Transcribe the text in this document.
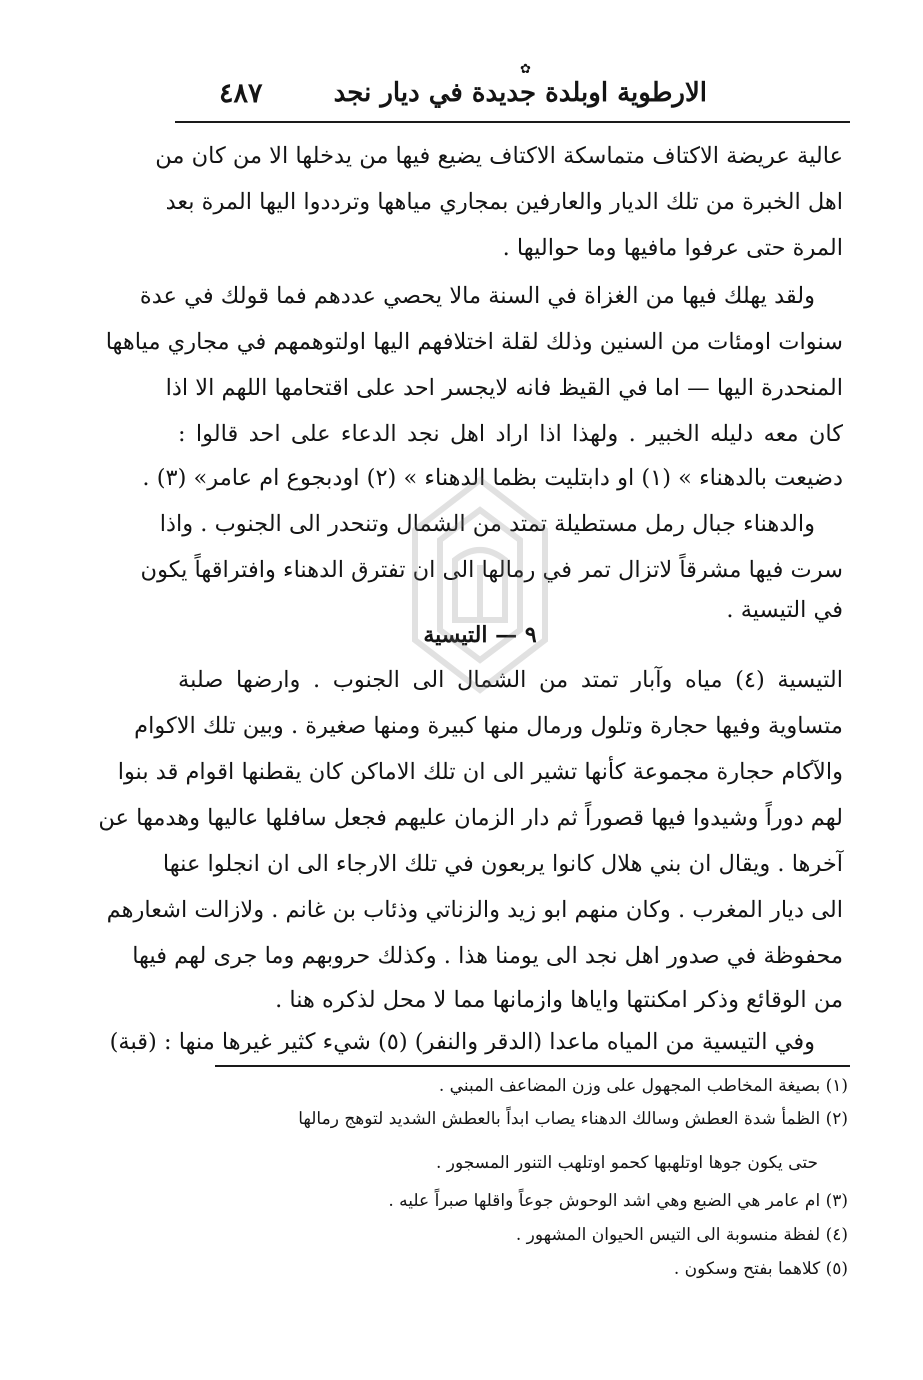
✿
الارطوية اوبلدة جديدة في ديار نجد
٤٨٧
عالية عريضة الاكتاف متماسكة الاكتاف يضيع فيها من يدخلها الا من كان من
اهل الخبرة من تلك الديار والعارفين بمجاري مياهها وترددوا اليها المرة بعد
المرة حتى عرفوا مافيها وما حواليها .
ولقد يهلك فيها من الغزاة في السنة مالا يحصي عددهم فما قولك في عدة
سنوات اومئات من السنين وذلك لقلة اختلافهم اليها اولتوهمهم في مجاري مياهها
المنحدرة اليها — اما في القيظ فانه لايجسر احد على اقتحامها اللهم الا اذا
كان معه دليله الخبير . ولهذا اذا اراد اهل نجد الدعاء على احد قالوا :
دضيعت بالدهناء » (١) او دابتليت بظما الدهناء » (٢) اودبجوع ام عامر» (٣) .
والدهناء جبال رمل مستطيلة تمتد من الشمال وتنحدر الى الجنوب . واذا
سرت فيها مشرقاً لاتزال تمر في رمالها الى ان تفترق الدهناء وافتراقهاً يكون
في التيسية .
٩ — التيسية
التيسية (٤) مياه وآبار تمتد من الشمال الى الجنوب . وارضها صلبة
متساوية وفيها حجارة وتلول ورمال منها كبيرة ومنها صغيرة . وبين تلك الاكوام
والآكام حجارة مجموعة كأنها تشير الى ان تلك الاماكن كان يقطنها اقوام قد بنوا
لهم دوراً وشيدوا فيها قصوراً ثم دار الزمان عليهم فجعل سافلها عاليها وهدمها عن
آخرها . ويقال ان بني هلال كانوا يربعون في تلك الارجاء الى ان انجلوا عنها
الى ديار المغرب . وكان منهم ابو زيد والزناتي وذئاب بن غانم . ولازالت اشعارهم
محفوظة في صدور اهل نجد الى يومنا هذا . وكذلك حروبهم وما جرى لهم فيها
من الوقائع وذكر امكنتها واياها وازمانها مما لا محل لذكره هنا .
وفي التيسية من المياه ماعدا (الدقر والنفر) (٥) شيء كثير غيرها منها : (قبة)
(١) بصيغة المخاطب المجهول على وزن المضاعف المبني .
(٢) الظمأ شدة العطش وسالك الدهناء يصاب ابداً بالعطش الشديد لتوهج رمالها
حتى يكون جوها اوتلهبها كحمو اوتلهب التنور المسجور .
(٣) ام عامر هي الضبع وهي اشد الوحوش جوعاً واقلها صبراً عليه .
(٤) لفظة منسوبة الى التيس الحيوان المشهور .
(٥) كلاهما بفتح وسكون .
